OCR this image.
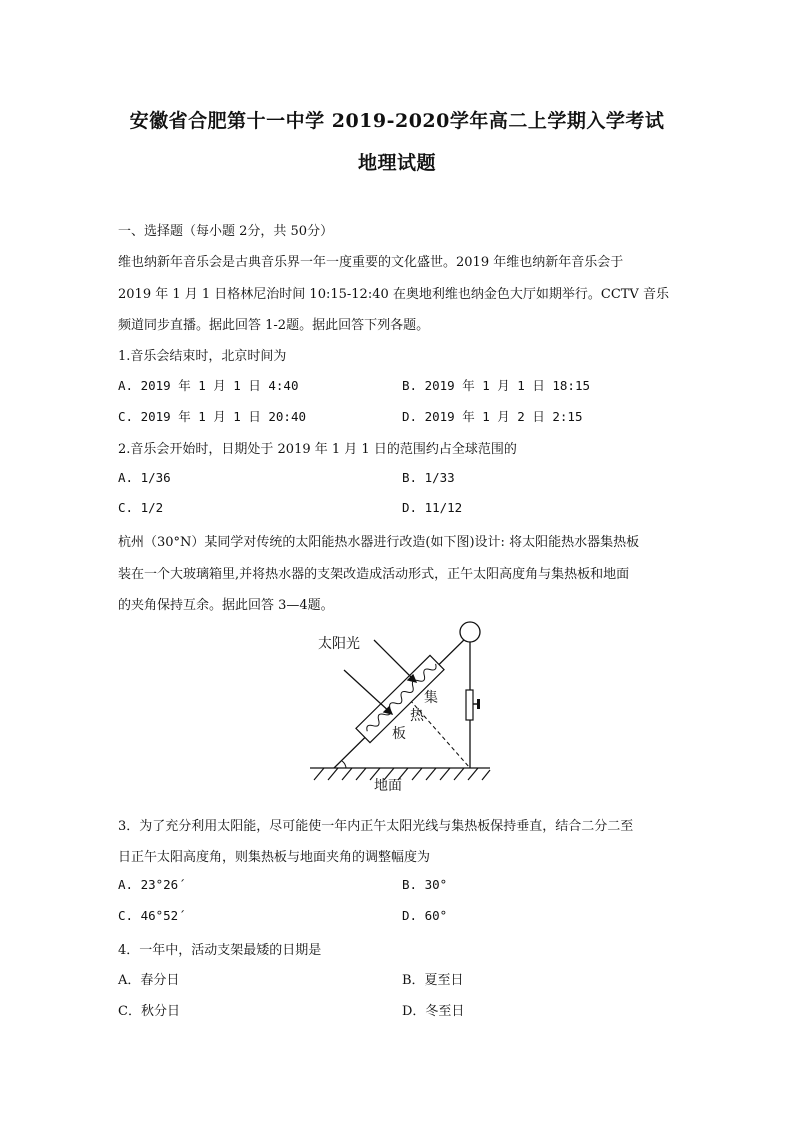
安徽省合肥第十一中学 2019-2020学年高二上学期入学考试
地理试题
一、选择题（每小题 2分，共 50分）
维也纳新年音乐会是古典音乐界一年一度重要的文化盛世。2019 年维也纳新年音乐会于
2019 年 1 月 1 日格林尼治时间 10:15-12:40 在奥地利维也纳金色大厅如期举行。CCTV 音乐
频道同步直播。据此回答 1-2题。据此回答下列各题。
1.音乐会结束时，北京时间为
A. 2019 年 1 月 1 日 4:40	B. 2019 年 1 月 1 日 18:15
C. 2019 年 1 月 1 日 20:40	D. 2019 年 1 月 2 日 2:15
2.音乐会开始时，日期处于 2019 年 1 月 1 日的范围约占全球范围的
A. 1/36	B. 1/33
C. 1/2	D. 11/12
杭州（30°N）某同学对传统的太阳能热水器进行改造(如下图)设计: 将太阳能热水器集热板
装在一个大玻璃箱里,并将热水器的支架改造成活动形式，正午太阳高度角与集热板和地面
的夹角保持互余。据此回答 3—4题。
太阳光
集
热
板
地面
3．为了充分利用太阳能，尽可能使一年内正午太阳光线与集热板保持垂直，结合二分二至
日正午太阳高度角，则集热板与地面夹角的调整幅度为
A. 23°26´	B. 30°
C. 46°52´	D. 60°
4．一年中，活动支架最矮的日期是
A．春分日	B．夏至日
C．秋分日	D．冬至日
